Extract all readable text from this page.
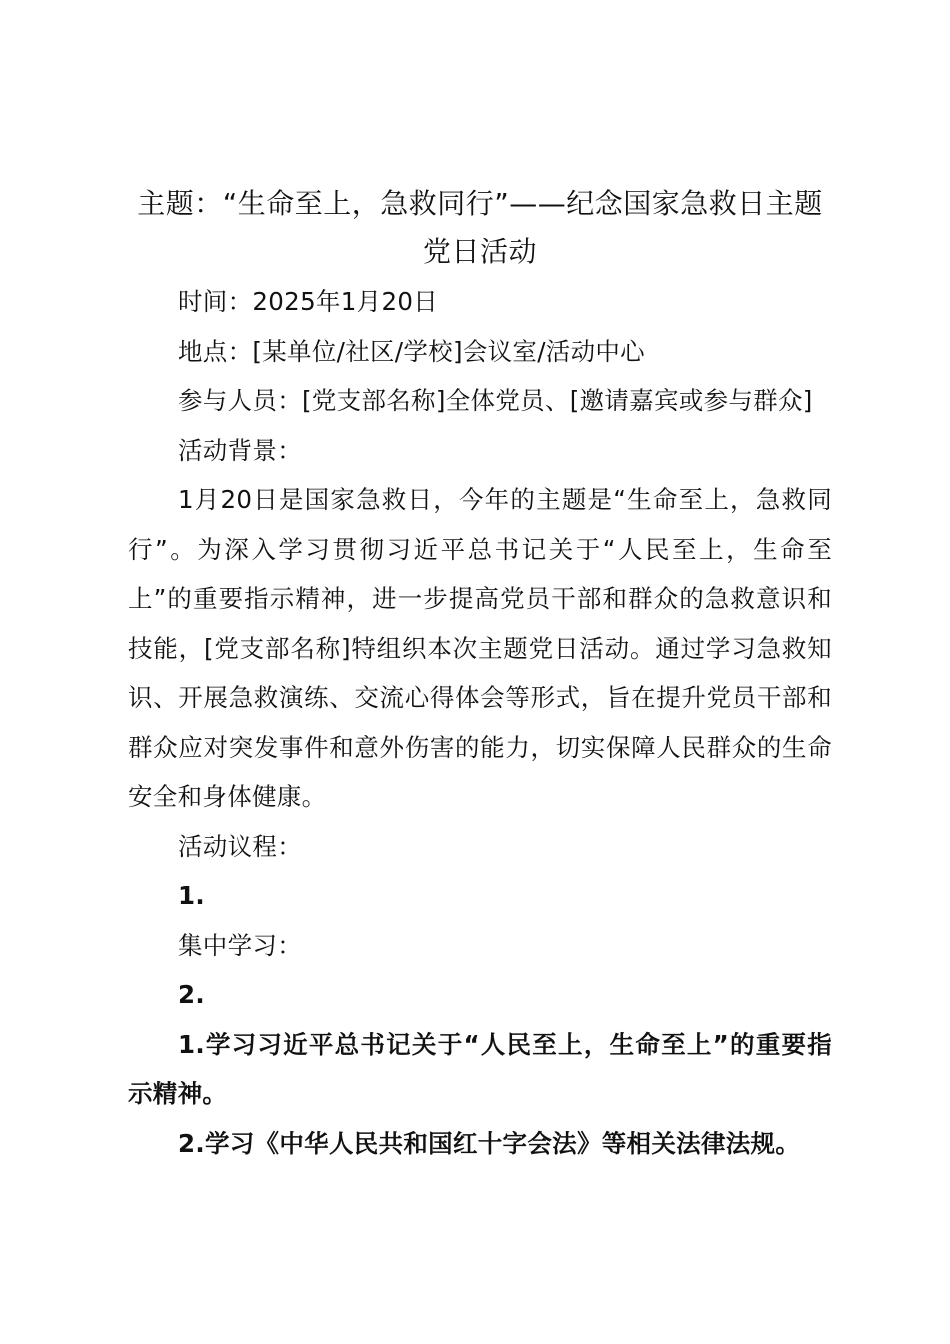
主题：“生命至上，急救同行”——纪念国家急救日主题党日活动

时间：2025年1月20日

地点：[某单位/社区/学校]会议室/活动中心

参与人员：[党支部名称]全体党员、[邀请嘉宾或参与群众]

活动背景：

1月20日是国家急救日，今年的主题是“生命至上，急救同行”。为深入学习贯彻习近平总书记关于“人民至上，生命至上”的重要指示精神，进一步提高党员干部和群众的急救意识和技能，[党支部名称]特组织本次主题党日活动。通过学习急救知识、开展急救演练、交流心得体会等形式，旨在提升党员干部和群众应对突发事件和意外伤害的能力，切实保障人民群众的生命安全和身体健康。

活动议程：

1.

集中学习：

2.

1.学习习近平总书记关于“人民至上，生命至上”的重要指示精神。

2.学习《中华人民共和国红十字会法》等相关法律法规。
